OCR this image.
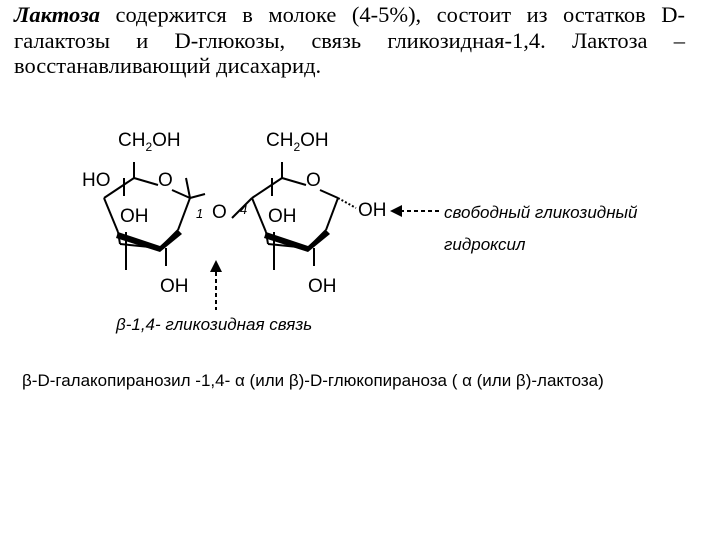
Лактоза содержится в молоке (4-5%), состоит из остатков D-галактозы и D-глюкозы, связь гликозидная-1,4. Лактоза – восстанавливающий дисахарид.

$CH_2OH$
O
HO
OH
OH
1 O
$CH_2OH$
O
4 OH
OH
OH	свободный гликозидный
гидроксил
β-1,4- гликозидная связь
β-D-галакопиранозил -1,4- α (или β)-D-глюкопираноза ( α (или β)-лактоза)
